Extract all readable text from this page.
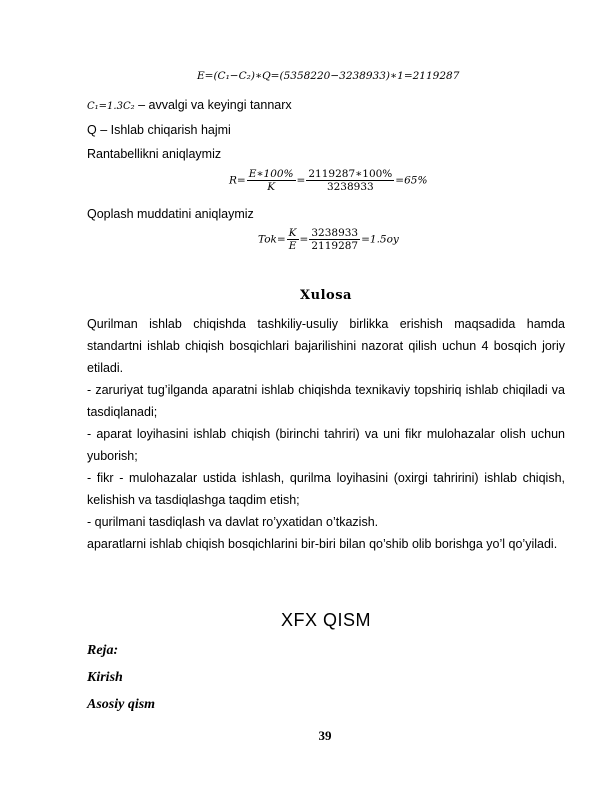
E=(C₁−C₂)∗Q=(5358220−3238933)∗1=2119287
C₁=1.3C₂ – avvalgi va keyingi tannarx
Q – Ishlab chiqarish hajmi
Rantabellikni aniqlaymiz
$R= \frac{E∗100\%}{K} = \frac{2119287∗100\%}{3238933} =65\%$
Qoplash muddatini aniqlaymiz
$Tok= \frac{K}{E} = \frac{3238933}{2119287} =1.5oy$
Xulosa
Qurilman ishlab chiqishda tashkiliy-usuliy birlikka erishish maqsadida hamda standartni ishlab chiqish bosqichlari bajarilishini nazorat qilish uchun 4 bosqich joriy etiladi.
- zaruriyat tug’ilganda aparatni ishlab chiqishda texnikaviy topshiriq ishlab chiqiladi va tasdiqlanadi;
- aparat loyihasini ishlab chiqish (birinchi tahriri) va uni fikr mulohazalar olish uchun yuborish;
- fikr - mulohazalar ustida ishlash, qurilma loyihasini (oxirgi tahririni) ishlab chiqish, kelishish va tasdiqlashga taqdim etish;
- qurilmani tasdiqlash va davlat ro’yxatidan o’tkazish.
aparatlarni ishlab chiqish bosqichlarini bir-biri bilan qo’shib olib borishga yo’l qo’yiladi.
XFX QISM
Reja:
Kirish
Asosiy qism
39
